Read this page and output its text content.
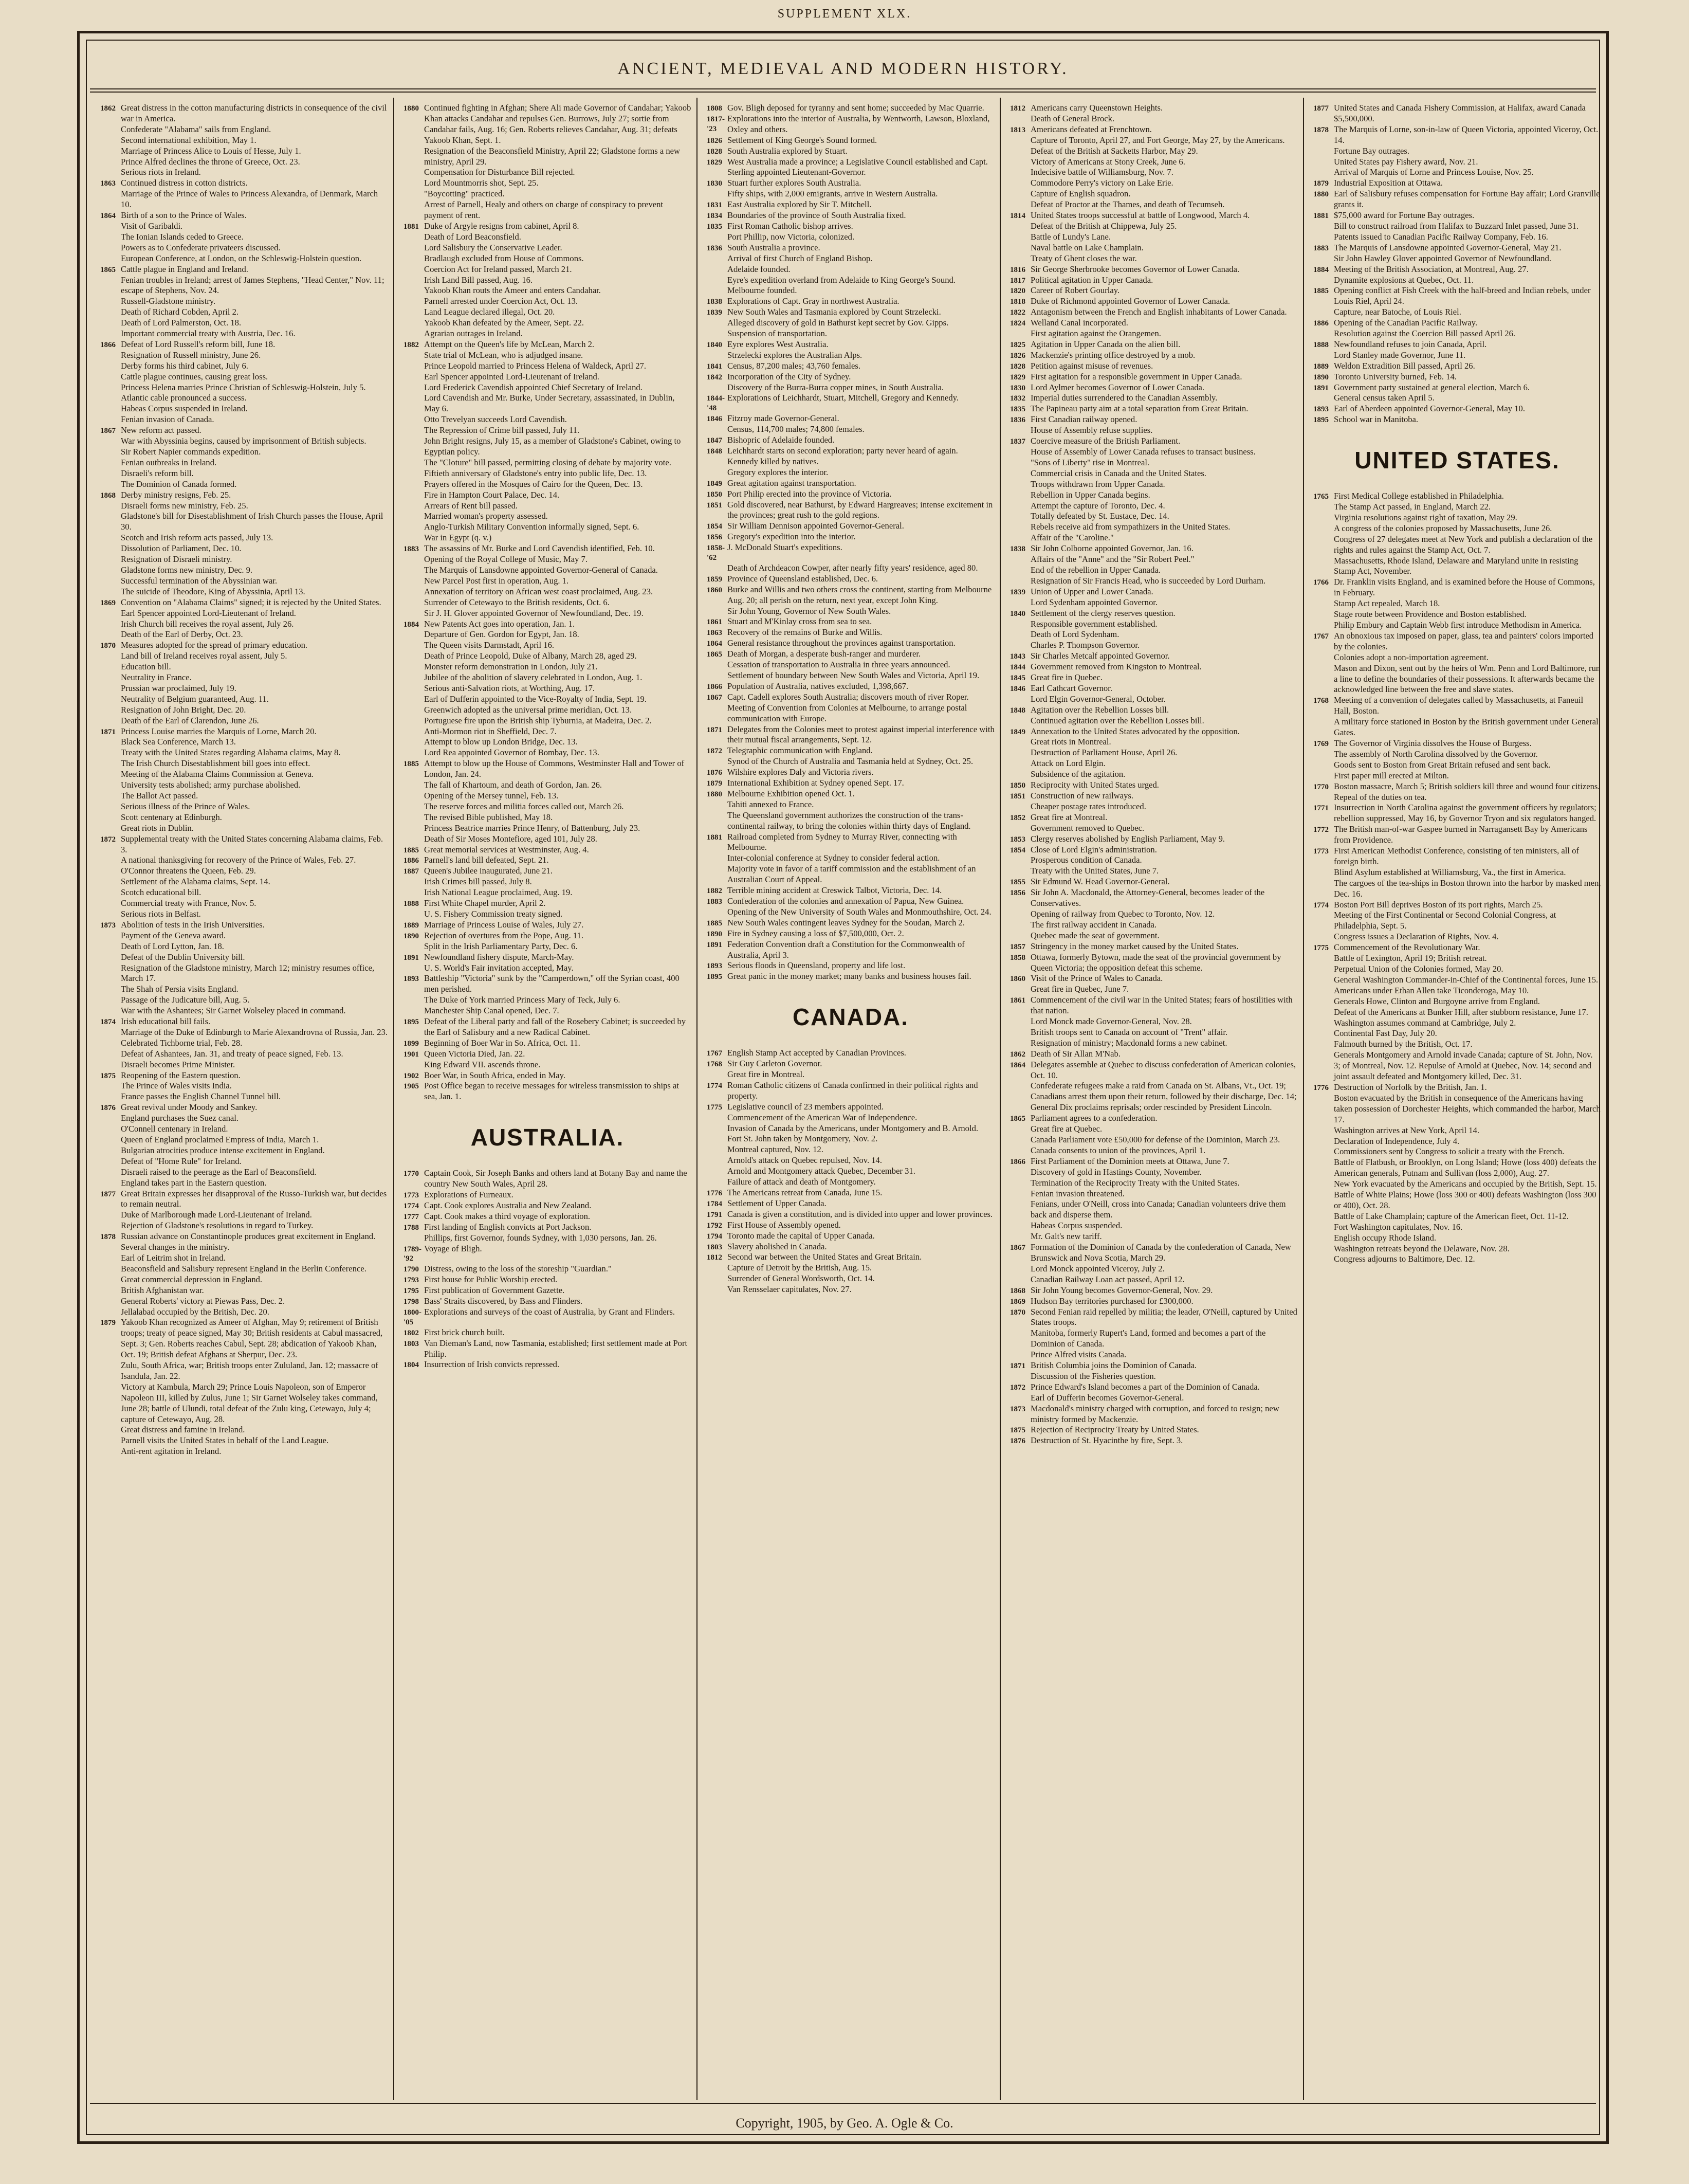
SUPPLEMENT XLX.
ANCIENT, MEDIEVAL AND MODERN HISTORY.
1862 Great distress in the cotton manufacturing districts in consequence of the civil war in America.
Confederate "Alabama" sails from England.
Second international exhibition, May 1.
Marriage of Princess Alice to Louis of Hesse, July 1.
Prince Alfred declines the throne of Greece, Oct. 23.
Serious riots in Ireland.
1863 Continued distress in cotton districts.
Marriage of the Prince of Wales to Princess Alexandra, of Denmark, March 10.
1864 Birth of a son to the Prince of Wales.
Visit of Garibaldi.
The Ionian Islands ceded to Greece.
Powers as to Confederate privateers discussed.
European Conference, at London, on the Schleswig-Holstein question.
1865 Cattle plague in England and Ireland.
Fenian troubles in Ireland; arrest of James Stephens, "Head Center," Nov. 11; escape of Stephens, Nov. 24.
Russell-Gladstone ministry.
Death of Richard Cobden, April 2.
Death of Lord Palmerston, Oct. 18.
Important commercial treaty with Austria, Dec. 16.
1866 Defeat of Lord Russell's reform bill, June 18.
Resignation of Russell ministry, June 26.
Derby forms his third cabinet, July 6.
Cattle plague continues, causing great loss.
Princess Helena marries Prince Christian of Schleswig-Holstein, July 5.
Atlantic cable pronounced a success.
Habeas Corpus suspended in Ireland.
Fenian invasion of Canada.
1867 New reform act passed.
War with Abyssinia begins, caused by imprisonment of British subjects.
Sir Robert Napier commands expedition.
Fenian outbreaks in Ireland.
Disraeli's reform bill.
The Dominion of Canada formed.
1868 Derby ministry resigns, Feb. 25.
Disraeli forms new ministry, Feb. 25.
Gladstone's bill for Disestablishment of Irish Church passes the House, April 30.
Scotch and Irish reform acts passed, July 13.
Dissolution of Parliament, Dec. 10.
Resignation of Disraeli ministry.
Gladstone forms new ministry, Dec. 9.
Successful termination of the Abyssinian war.
The suicide of Theodore, King of Abyssinia, April 13.
1869 Convention on "Alabama Claims" signed; it is rejected by the United States.
Earl Spencer appointed Lord-Lieutenant of Ireland.
Irish Church bill receives the royal assent, July 26.
Death of the Earl of Derby, Oct. 23.
1870 Measures adopted for the spread of primary education.
Land bill of Ireland receives royal assent, July 5.
Education bill.
Neutrality in France.
Prussian war proclaimed, July 19.
Neutrality of Belgium guaranteed, Aug. 11.
Resignation of John Bright, Dec. 20.
Death of the Earl of Clarendon, June 26.
1871 Princess Louise marries the Marquis of Lorne, March 20.
Black Sea Conference, March 13.
Treaty with the United States regarding Alabama claims, May 8.
The Irish Church Disestablishment bill goes into effect.
Meeting of the Alabama Claims Commission at Geneva.
University tests abolished; army purchase abolished.
The Ballot Act passed.
Serious illness of the Prince of Wales.
Scott centenary at Edinburgh.
Great riots in Dublin.
1872 Supplemental treaty with the United States concerning Alabama claims, Feb. 3.
A national thanksgiving for recovery of the Prince of Wales, Feb. 27.
O'Connor threatens the Queen, Feb. 29.
Settlement of the Alabama claims, Sept. 14.
Scotch educational bill.
Commercial treaty with France, Nov. 5.
Serious riots in Belfast.
1873 Abolition of tests in the Irish Universities.
Payment of the Geneva award.
Death of Lord Lytton, Jan. 18.
Defeat of the Dublin University bill.
Resignation of the Gladstone ministry, March 12; ministry resumes office, March 17.
The Shah of Persia visits England.
Passage of the Judicature bill, Aug. 5.
War with the Ashantees; Sir Garnet Wolseley placed in command.
1874 Irish educational bill fails.
Marriage of the Duke of Edinburgh to Marie Alexandrovna of Russia, Jan. 23.
Celebrated Tichborne trial, Feb. 28.
Defeat of Ashantees, Jan. 31, and treaty of peace signed, Feb. 13.
Disraeli becomes Prime Minister.
1875 Reopening of the Eastern question.
The Prince of Wales visits India.
France passes the English Channel Tunnel bill.
1876 Great revival under Moody and Sankey.
England purchases the Suez canal.
O'Connell centenary in Ireland.
Queen of England proclaimed Empress of India, March 1.
Bulgarian atrocities produce intense excitement in England.
Defeat of "Home Rule" for Ireland.
Disraeli raised to the peerage as the Earl of Beaconsfield.
England takes part in the Eastern question.
1877 Great Britain expresses her disapproval of the Russo-Turkish war, but decides to remain neutral.
Duke of Marlborough made Lord-Lieutenant of Ireland.
Rejection of Gladstone's resolutions in regard to Turkey.
1878 Russian advance on Constantinople produces great excitement in England.
Several changes in the ministry.
Earl of Leitrim shot in Ireland.
Beaconsfield and Salisbury represent England in the Berlin Conference.
Great commercial depression in England.
British Afghanistan war.
General Roberts' victory at Piewas Pass, Dec. 2.
Jellalabad occupied by the British, Dec. 20.
1879 Yakoob Khan recognized as Ameer of Afghan, May 9; retirement of British troops; treaty of peace signed, May 30; British residents at Cabul massacred, Sept. 3; Gen. Roberts reaches Cabul, Sept. 28; abdication of Yakoob Khan, Oct. 19; British defeat Afghans at Sherpur, Dec. 23.
Zulu, South Africa, war; British troops enter Zululand, Jan. 12; massacre of Isandula, Jan. 22.
Victory at Kambula, March 29; Prince Louis Napoleon, son of Emperor Napoleon III, killed by Zulus, June 1; Sir Garnet Wolseley takes command, June 28; battle of Ulundi, total defeat of the Zulu king, Cetewayo, July 4; capture of Cetewayo, Aug. 28.
Great distress and famine in Ireland.
Parnell visits the United States in behalf of the Land League.
Anti-rent agitation in Ireland.
1880 Continued fighting in Afghan; Shere Ali made Governor of Candahar; Yakoob Khan attacks Candahar and repulses Gen. Burrows, July 27; sortie from Candahar fails, Aug. 16; Gen. Roberts relieves Candahar, Aug. 31; defeats Yakoob Khan, Sept. 1.
Resignation of the Beaconsfield Ministry, April 22; Gladstone forms a new ministry, April 29.
Compensation for Disturbance Bill rejected.
Lord Mountmorris shot, Sept. 25.
"Boycotting" practiced.
Arrest of Parnell, Healy and others on charge of conspiracy to prevent payment of rent.
1881 Duke of Argyle resigns from cabinet, April 8.
Death of Lord Beaconsfield.
Lord Salisbury the Conservative Leader.
Bradlaugh excluded from House of Commons.
Coercion Act for Ireland passed, March 21.
Irish Land Bill passed, Aug. 16.
Yakoob Khan routs the Ameer and enters Candahar.
Parnell arrested under Coercion Act, Oct. 13.
Land League declared illegal, Oct. 20.
Yakoob Khan defeated by the Ameer, Sept. 22.
Agrarian outrages in Ireland.
1882 Attempt on the Queen's life by McLean, March 2.
State trial of McLean, who is adjudged insane.
Prince Leopold married to Princess Helena of Waldeck, April 27.
Earl Spencer appointed Lord-Lieutenant of Ireland.
Lord Frederick Cavendish appointed Chief Secretary of Ireland.
Lord Cavendish and Mr. Burke, Under Secretary, assassinated, in Dublin, May 6.
Otto Trevelyan succeeds Lord Cavendish.
The Repression of Crime bill passed, July 11.
John Bright resigns, July 15, as a member of Gladstone's Cabinet, owing to Egyptian policy.
The "Cloture" bill passed, permitting closing of debate by majority vote.
Fiftieth anniversary of Gladstone's entry into public life, Dec. 13.
Prayers offered in the Mosques of Cairo for the Queen, Dec. 13.
Fire in Hampton Court Palace, Dec. 14.
Arrears of Rent bill passed.
Married woman's property assessed.
Anglo-Turkish Military Convention informally signed, Sept. 6.
War in Egypt (q. v.)
1883 The assassins of Mr. Burke and Lord Cavendish identified, Feb. 10.
Opening of the Royal College of Music, May 7.
The Marquis of Lansdowne appointed Governor-General of Canada.
New Parcel Post first in operation, Aug. 1.
Annexation of territory on African west coast proclaimed, Aug. 23.
Surrender of Cetewayo to the British residents, Oct. 6.
Sir J. H. Glover appointed Governor of Newfoundland, Dec. 19.
1884 New Patents Act goes into operation, Jan. 1.
Departure of Gen. Gordon for Egypt, Jan. 18.
The Queen visits Darmstadt, April 16.
Death of Prince Leopold, Duke of Albany, March 28, aged 29.
Monster reform demonstration in London, July 21.
Jubilee of the abolition of slavery celebrated in London, Aug. 1.
Serious anti-Salvation riots, at Worthing, Aug. 17.
Earl of Dufferin appointed to the Vice-Royalty of India, Sept. 19.
Greenwich adopted as the universal prime meridian, Oct. 13.
Portuguese fire upon the British ship Tyburnia, at Madeira, Dec. 2.
Anti-Mormon riot in Sheffield, Dec. 7.
Attempt to blow up London Bridge, Dec. 13.
Lord Rea appointed Governor of Bombay, Dec. 13.
1885 Attempt to blow up the House of Commons, Westminster Hall and Tower of London, Jan. 24.
The fall of Khartoum, and death of Gordon, Jan. 26.
Opening of the Mersey tunnel, Feb. 13.
The reserve forces and militia forces called out, March 26.
The revised Bible published, May 18.
Princess Beatrice marries Prince Henry, of Battenburg, July 23.
Death of Sir Moses Montefiore, aged 101, July 28.
1885 Great memorial services at Westminster, Aug. 4.
1886 Parnell's land bill defeated, Sept. 21.
1887 Queen's Jubilee inaugurated, June 21.
Irish Crimes bill passed, July 8.
Irish National League proclaimed, Aug. 19.
1888 First White Chapel murder, April 2.
U. S. Fishery Commission treaty signed.
1889 Marriage of Princess Louise of Wales, July 27.
1890 Rejection of overtures from the Pope, Aug. 11.
Split in the Irish Parliamentary Party, Dec. 6.
1891 Newfoundland fishery dispute, March-May.
U. S. World's Fair invitation accepted, May.
1893 Battleship "Victoria" sunk by the "Camperdown," off the Syrian coast, 400 men perished.
The Duke of York married Princess Mary of Teck, July 6.
Manchester Ship Canal opened, Dec. 7.
1895 Defeat of the Liberal party and fall of the Rosebery Cabinet; is succeeded by the Earl of Salisbury and a new Radical Cabinet.
1899 Beginning of Boer War in So. Africa, Oct. 11.
1901 Queen Victoria Died, Jan. 22.
King Edward VII. ascends throne.
1902 Boer War, in South Africa, ended in May.
1905 Post Office began to receive messages for wireless transmission to ships at sea, Jan. 1.
AUSTRALIA.
1770 Captain Cook, Sir Joseph Banks and others land at Botany Bay and name the country New South Wales, April 28.
1773 Explorations of Furneaux.
1774 Capt. Cook explores Australia and New Zealand.
1777 Capt. Cook makes a third voyage of exploration.
1788 First landing of English convicts at Port Jackson.
Phillips, first Governor, founds Sydney, with 1,030 persons, Jan. 26.
1789-'92
Voyage of Bligh.
1790 Distress, owing to the loss of the storeship "Guardian."
1793 First house for Public Worship erected.
1795 First publication of Government Gazette.
1798 Bass' Straits discovered, by Bass and Flinders.
1800-'05
Explorations and surveys of the coast of Australia, by Grant and Flinders.
1802 First brick church built.
1803 Van Dieman's Land, now Tasmania, established; first settlement made at Port Philip.
1804 Insurrection of Irish convicts repressed.
1808 Gov. Bligh deposed for tyranny and sent home; succeeded by Mac Quarrie.
1817-'23
Explorations into the interior of Australia, by Wentworth, Lawson, Bloxland, Oxley and others.
1826 Settlement of King George's Sound formed.
1828 South Australia explored by Stuart.
1829 West Australia made a province; a Legislative Council established and Capt. Sterling appointed Lieutenant-Governor.
1830 Stuart further explores South Australia.
Fifty ships, with 2,000 emigrants, arrive in Western Australia.
1831 East Australia explored by Sir T. Mitchell.
1834 Boundaries of the province of South Australia fixed.
1835 First Roman Catholic bishop arrives.
Port Phillip, now Victoria, colonized.
1836 South Australia a province.
Arrival of first Church of England Bishop.
Adelaide founded.
Eyre's expedition overland from Adelaide to King George's Sound.
Melbourne founded.
1838 Explorations of Capt. Gray in northwest Australia.
1839 New South Wales and Tasmania explored by Count Strzelecki.
Alleged discovery of gold in Bathurst kept secret by Gov. Gipps.
Suspension of transportation.
1840 Eyre explores West Australia.
Strzelecki explores the Australian Alps.
1841 Census, 87,200 males; 43,760 females.
1842 Incorporation of the City of Sydney.
Discovery of the Burra-Burra copper mines, in South Australia.
1844-'48
Explorations of Leichhardt, Stuart, Mitchell, Gregory and Kennedy.
1846 Fitzroy made Governor-General.
Census, 114,700 males; 74,800 females.
1847 Bishopric of Adelaide founded.
1848 Leichhardt starts on second exploration; party never heard of again.
Kennedy killed by natives.
Gregory explores the interior.
1849 Great agitation against transportation.
1850 Port Philip erected into the province of Victoria.
1851 Gold discovered, near Bathurst, by Edward Hargreaves; intense excitement in the provinces; great rush to the gold regions.
1854 Sir William Dennison appointed Governor-General.
1856 Gregory's expedition into the interior.
1858-'62
J. McDonald Stuart's expeditions.
Death of Archdeacon Cowper, after nearly fifty years' residence, aged 80.
1859 Province of Queensland established, Dec. 6.
1860 Burke and Willis and two others cross the continent, starting from Melbourne Aug. 20; all perish on the return, next year, except John King.
Sir John Young, Governor of New South Wales.
1861 Stuart and M'Kinlay cross from sea to sea.
1863 Recovery of the remains of Burke and Willis.
1864 General resistance throughout the provinces against transportation.
1865 Death of Morgan, a desperate bush-ranger and murderer.
Cessation of transportation to Australia in three years announced.
Settlement of boundary between New South Wales and Victoria, April 19.
1866 Population of Australia, natives excluded, 1,398,667.
1867 Capt. Cadell explores South Australia; discovers mouth of river Roper.
Meeting of Convention from Colonies at Melbourne, to arrange postal communication with Europe.
1871 Delegates from the Colonies meet to protest against imperial interference with their mutual fiscal arrangements, Sept. 12.
1872 Telegraphic communication with England.
Synod of the Church of Australia and Tasmania held at Sydney, Oct. 25.
1876 Wilshire explores Daly and Victoria rivers.
1879 International Exhibition at Sydney opened Sept. 17.
1880 Melbourne Exhibition opened Oct. 1.
Tahiti annexed to France.
The Queensland government authorizes the construction of the trans-continental railway, to bring the colonies within thirty days of England.
1881 Railroad completed from Sydney to Murray River, connecting with Melbourne.
Inter-colonial conference at Sydney to consider federal action.
Majority vote in favor of a tariff commission and the establishment of an Australian Court of Appeal.
1882 Terrible mining accident at Creswick Talbot, Victoria, Dec. 14.
1883 Confederation of the colonies and annexation of Papua, New Guinea.
Opening of the New University of South Wales and Monmouthshire, Oct. 24.
1885 New South Wales contingent leaves Sydney for the Soudan, March 2.
1890 Fire in Sydney causing a loss of $7,500,000, Oct. 2.
1891 Federation Convention draft a Constitution for the Commonwealth of Australia, April 3.
1893 Serious floods in Queensland, property and life lost.
1895 Great panic in the money market; many banks and business houses fail.
CANADA.
1767 English Stamp Act accepted by Canadian Provinces.
1768 Sir Guy Carleton Governor.
Great fire in Montreal.
1774 Roman Catholic citizens of Canada confirmed in their political rights and property.
1775 Legislative council of 23 members appointed.
Commencement of the American War of Independence.
Invasion of Canada by the Americans, under Montgomery and B. Arnold.
Fort St. John taken by Montgomery, Nov. 2.
Montreal captured, Nov. 12.
Arnold's attack on Quebec repulsed, Nov. 14.
Arnold and Montgomery attack Quebec, December 31.
Failure of attack and death of Montgomery.
1776 The Americans retreat from Canada, June 15.
1784 Settlement of Upper Canada.
1791 Canada is given a constitution, and is divided into upper and lower provinces.
1792 First House of Assembly opened.
1794 Toronto made the capital of Upper Canada.
1803 Slavery abolished in Canada.
1812 Second war between the United States and Great Britain.
Capture of Detroit by the British, Aug. 15.
Surrender of General Wordsworth, Oct. 14.
Van Rensselaer capitulates, Nov. 27.
1812 Americans carry Queenstown Heights.
Death of General Brock.
1813 Americans defeated at Frenchtown.
Capture of Toronto, April 27, and Fort George, May 27, by the Americans.
Defeat of the British at Sacketts Harbor, May 29.
Victory of Americans at Stony Creek, June 6.
Indecisive battle of Williamsburg, Nov. 7.
Commodore Perry's victory on Lake Erie.
Capture of English squadron.
Defeat of Proctor at the Thames, and death of Tecumseh.
1814 United States troops successful at battle of Longwood, March 4.
Defeat of the British at Chippewa, July 25.
Battle of Lundy's Lane.
Naval battle on Lake Champlain.
Treaty of Ghent closes the war.
1816 Sir George Sherbrooke becomes Governor of Lower Canada.
1817 Political agitation in Upper Canada.
1820 Career of Robert Gourlay.
1818 Duke of Richmond appointed Governor of Lower Canada.
1822 Antagonism between the French and English inhabitants of Lower Canada.
1824 Welland Canal incorporated.
First agitation against the Orangemen.
1825 Agitation in Upper Canada on the alien bill.
1826 Mackenzie's printing office destroyed by a mob.
1828 Petition against misuse of revenues.
1829 First agitation for a responsible government in Upper Canada.
1830 Lord Aylmer becomes Governor of Lower Canada.
1832 Imperial duties surrendered to the Canadian Assembly.
1835 The Papineau party aim at a total separation from Great Britain.
1836 First Canadian railway opened.
House of Assembly refuse supplies.
1837 Coercive measure of the British Parliament.
House of Assembly of Lower Canada refuses to transact business.
"Sons of Liberty" rise in Montreal.
Commercial crisis in Canada and the United States.
Troops withdrawn from Upper Canada.
Rebellion in Upper Canada begins.
Attempt the capture of Toronto, Dec. 4.
Totally defeated by St. Eustace, Dec. 14.
Rebels receive aid from sympathizers in the United States.
Affair of the "Caroline."
1838 Sir John Colborne appointed Governor, Jan. 16.
Affairs of the "Anne" and the "Sir Robert Peel."
End of the rebellion in Upper Canada.
Resignation of Sir Francis Head, who is succeeded by Lord Durham.
1839 Union of Upper and Lower Canada.
Lord Sydenham appointed Governor.
1840 Settlement of the clergy reserves question.
Responsible government established.
Death of Lord Sydenham.
Charles P. Thompson Governor.
1843 Sir Charles Metcalf appointed Governor.
1844 Government removed from Kingston to Montreal.
1845 Great fire in Quebec.
1846 Earl Cathcart Governor.
Lord Elgin Governor-General, October.
1848 Agitation over the Rebellion Losses bill.
Continued agitation over the Rebellion Losses bill.
1849 Annexation to the United States advocated by the opposition.
Great riots in Montreal.
Destruction of Parliament House, April 26.
Attack on Lord Elgin.
Subsidence of the agitation.
1850 Reciprocity with United States urged.
1851 Construction of new railways.
Cheaper postage rates introduced.
1852 Great fire at Montreal.
Government removed to Quebec.
1853 Clergy reserves abolished by English Parliament, May 9.
1854 Close of Lord Elgin's administration.
Prosperous condition of Canada.
Treaty with the United States, June 7.
1855 Sir Edmund W. Head Governor-General.
1856 Sir John A. Macdonald, the Attorney-General, becomes leader of the Conservatives.
Opening of railway from Quebec to Toronto, Nov. 12.
The first railway accident in Canada.
Quebec made the seat of government.
1857 Stringency in the money market caused by the United States.
1858 Ottawa, formerly Bytown, made the seat of the provincial government by Queen Victoria; the opposition defeat this scheme.
1860 Visit of the Prince of Wales to Canada.
Great fire in Quebec, June 7.
1861 Commencement of the civil war in the United States; fears of hostilities with that nation.
Lord Monck made Governor-General, Nov. 28.
British troops sent to Canada on account of "Trent" affair.
Resignation of ministry; Macdonald forms a new cabinet.
1862 Death of Sir Allan M'Nab.
1864 Delegates assemble at Quebec to discuss confederation of American colonies, Oct. 10.
Confederate refugees make a raid from Canada on St. Albans, Vt., Oct. 19; Canadians arrest them upon their return, followed by their discharge, Dec. 14; General Dix proclaims reprisals; order rescinded by President Lincoln.
1865 Parliament agrees to a confederation.
Great fire at Quebec.
Canada Parliament vote £50,000 for defense of the Dominion, March 23.
Canada consents to union of the provinces, April 1.
1866 First Parliament of the Dominion meets at Ottawa, June 7.
Discovery of gold in Hastings County, November.
Termination of the Reciprocity Treaty with the United States.
Fenian invasion threatened.
Fenians, under O'Neill, cross into Canada; Canadian volunteers drive them back and disperse them.
Habeas Corpus suspended.
Mr. Galt's new tariff.
1867 Formation of the Dominion of Canada by the confederation of Canada, New Brunswick and Nova Scotia, March 29.
Lord Monck appointed Viceroy, July 2.
Canadian Railway Loan act passed, April 12.
1868 Sir John Young becomes Governor-General, Nov. 29.
1869 Hudson Bay territories purchased for £300,000.
1870 Second Fenian raid repelled by militia; the leader, O'Neill, captured by United States troops.
Manitoba, formerly Rupert's Land, formed and becomes a part of the Dominion of Canada.
Prince Alfred visits Canada.
1871 British Columbia joins the Dominion of Canada.
Discussion of the Fisheries question.
1872 Prince Edward's Island becomes a part of the Dominion of Canada.
Earl of Dufferin becomes Governor-General.
1873 Macdonald's ministry charged with corruption, and forced to resign; new ministry formed by Mackenzie.
1875 Rejection of Reciprocity Treaty by United States.
1876 Destruction of St. Hyacinthe by fire, Sept. 3.
1877 United States and Canada Fishery Commission, at Halifax, award Canada $5,500,000.
1878 The Marquis of Lorne, son-in-law of Queen Victoria, appointed Viceroy, Oct. 14.
Fortune Bay outrages.
United States pay Fishery award, Nov. 21.
Arrival of Marquis of Lorne and Princess Louise, Nov. 25.
1879 Industrial Exposition at Ottawa.
1880 Earl of Salisbury refuses compensation for Fortune Bay affair; Lord Granville grants it.
1881 $75,000 award for Fortune Bay outrages.
Bill to construct railroad from Halifax to Buzzard Inlet passed, June 31.
Patents issued to Canadian Pacific Railway Company, Feb. 16.
1883 The Marquis of Lansdowne appointed Governor-General, May 21.
Sir John Hawley Glover appointed Governor of Newfoundland.
1884 Meeting of the British Association, at Montreal, Aug. 27.
Dynamite explosions at Quebec, Oct. 11.
1885 Opening conflict at Fish Creek with the half-breed and Indian rebels, under Louis Riel, April 24.
Capture, near Batoche, of Louis Riel.
1886 Opening of the Canadian Pacific Railway.
Resolution against the Coercion Bill passed April 26.
1888 Newfoundland refuses to join Canada, April.
Lord Stanley made Governor, June 11.
1889 Weldon Extradition Bill passed, April 26.
1890 Toronto University burned, Feb. 14.
1891 Government party sustained at general election, March 6.
General census taken April 5.
1893 Earl of Aberdeen appointed Governor-General, May 10.
1895 School war in Manitoba.
UNITED STATES.
1765 First Medical College established in Philadelphia.
The Stamp Act passed, in England, March 22.
Virginia resolutions against right of taxation, May 29.
A congress of the colonies proposed by Massachusetts, June 26.
Congress of 27 delegates meet at New York and publish a declaration of the rights and rules against the Stamp Act, Oct. 7.
Massachusetts, Rhode Island, Delaware and Maryland unite in resisting Stamp Act, November.
1766 Dr. Franklin visits England, and is examined before the House of Commons, in February.
Stamp Act repealed, March 18.
Stage route between Providence and Boston established.
Philip Embury and Captain Webb first introduce Methodism in America.
1767 An obnoxious tax imposed on paper, glass, tea and painters' colors imported by the colonies.
Colonies adopt a non-importation agreement.
Mason and Dixon, sent out by the heirs of Wm. Penn and Lord Baltimore, run a line to define the boundaries of their possessions. It afterwards became the acknowledged line between the free and slave states.
1768 Meeting of a convention of delegates called by Massachusetts, at Faneuil Hall, Boston.
A military force stationed in Boston by the British government under General Gates.
1769 The Governor of Virginia dissolves the House of Burgess.
The assembly of North Carolina dissolved by the Governor.
Goods sent to Boston from Great Britain refused and sent back.
First paper mill erected at Milton.
1770 Boston massacre, March 5; British soldiers kill three and wound four citizens.
Repeal of the duties on tea.
1771 Insurrection in North Carolina against the government officers by regulators; rebellion suppressed, May 16, by Governor Tryon and six regulators hanged.
1772 The British man-of-war Gaspee burned in Narragansett Bay by Americans from Providence.
1773 First American Methodist Conference, consisting of ten ministers, all of foreign birth.
Blind Asylum established at Williamsburg, Va., the first in America.
The cargoes of the tea-ships in Boston thrown into the harbor by masked men, Dec. 16.
1774 Boston Port Bill deprives Boston of its port rights, March 25.
Meeting of the First Continental or Second Colonial Congress, at Philadelphia, Sept. 5.
Congress issues a Declaration of Rights, Nov. 4.
1775 Commencement of the Revolutionary War.
Battle of Lexington, April 19; British retreat.
Perpetual Union of the Colonies formed, May 20.
General Washington Commander-in-Chief of the Continental forces, June 15.
Americans under Ethan Allen take Ticonderoga, May 10.
Generals Howe, Clinton and Burgoyne arrive from England.
Defeat of the Americans at Bunker Hill, after stubborn resistance, June 17.
Washington assumes command at Cambridge, July 2.
Continental Fast Day, July 20.
Falmouth burned by the British, Oct. 17.
Generals Montgomery and Arnold invade Canada; capture of St. John, Nov. 3; of Montreal, Nov. 12. Repulse of Arnold at Quebec, Nov. 14; second and joint assault defeated and Montgomery killed, Dec. 31.
1776 Destruction of Norfolk by the British, Jan. 1.
Boston evacuated by the British in consequence of the Americans having taken possession of Dorchester Heights, which commanded the harbor, March 17.
Washington arrives at New York, April 14.
Declaration of Independence, July 4.
Commissioners sent by Congress to solicit a treaty with the French.
Battle of Flatbush, or Brooklyn, on Long Island; Howe (loss 400) defeats the American generals, Putnam and Sullivan (loss 2,000), Aug. 27.
New York evacuated by the Americans and occupied by the British, Sept. 15.
Battle of White Plains; Howe (loss 300 or 400) defeats Washington (loss 300 or 400), Oct. 28.
Battle of Lake Champlain; capture of the American fleet, Oct. 11-12.
Fort Washington capitulates, Nov. 16.
English occupy Rhode Island.
Washington retreats beyond the Delaware, Nov. 28.
Congress adjourns to Baltimore, Dec. 12.
Copyright, 1905, by Geo. A. Ogle & Co.
